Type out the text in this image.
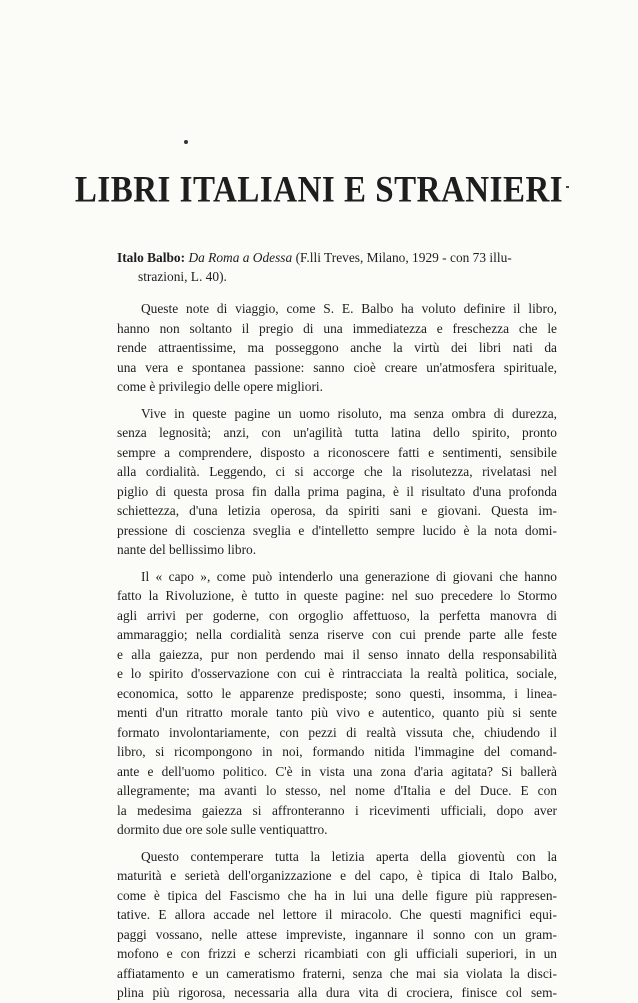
LIBRI ITALIANI E STRANIERI

Italo Balbo: Da Roma a Odessa (F.lli Treves, Milano, 1929 - con 73 illu-
strazioni, L. 40).

Queste note di viaggio, come S. E. Balbo ha voluto definire il libro,
hanno non soltanto il pregio di una immediatezza e freschezza che le
rende attraentissime, ma posseggono anche la virtù dei libri nati da
una vera e spontanea passione: sanno cioè creare un'atmosfera spirituale,
come è privilegio delle opere migliori.

Vive in queste pagine un uomo risoluto, ma senza ombra di durezza,
senza legnosità; anzi, con un'agilità tutta latina dello spirito, pronto
sempre a comprendere, disposto a riconoscere fatti e sentimenti, sensibile
alla cordialità. Leggendo, ci si accorge che la risolutezza, rivelatasi nel
piglio di questa prosa fin dalla prima pagina, è il risultato d'una profonda
schiettezza, d'una letizia operosa, da spiriti sani e giovani. Questa im-
pressione di coscienza sveglia e d'intelletto sempre lucido è la nota domi-
nante del bellissimo libro.

Il « capo », come può intenderlo una generazione di giovani che hanno
fatto la Rivoluzione, è tutto in queste pagine: nel suo precedere lo Stormo
agli arrivi per goderne, con orgoglio affettuoso, la perfetta manovra di
ammaraggio; nella cordialità senza riserve con cui prende parte alle feste
e alla gaiezza, pur non perdendo mai il senso innato della responsabilità
e lo spirito d'osservazione con cui è rintracciata la realtà politica, sociale,
economica, sotto le apparenze predisposte; sono questi, insomma, i linea-
menti d'un ritratto morale tanto più vivo e autentico, quanto più si sente
formato involontariamente, con pezzi di realtà vissuta che, chiudendo il
libro, si ricompongono in noi, formando nitida l'immagine del comand-
ante e dell'uomo politico. C'è in vista una zona d'aria agitata? Si ballerà
allegramente; ma avanti lo stesso, nel nome d'Italia e del Duce. E con
la medesima gaiezza si affronteranno i ricevimenti ufficiali, dopo aver
dormito due ore sole sulle ventiquattro.

Questo contemperare tutta la letizia aperta della gioventù con la
maturità e serietà dell'organizzazione e del capo, è tipica di Italo Balbo,
come è tipica del Fascismo che ha in lui una delle figure più rappresen-
tative. E allora accade nel lettore il miracolo. Che questi magnifici equi-
paggi vossano, nelle attese impreviste, ingannare il sonno con un gram-
mofono e con frizzi e scherzi ricambiati con gli ufficiali superiori, in un
affiatamento e un cameratismo fraterni, senza che mai sia violata la disci-
plina più rigorosa, necessaria alla dura vita di crociera, finisce col sem-
